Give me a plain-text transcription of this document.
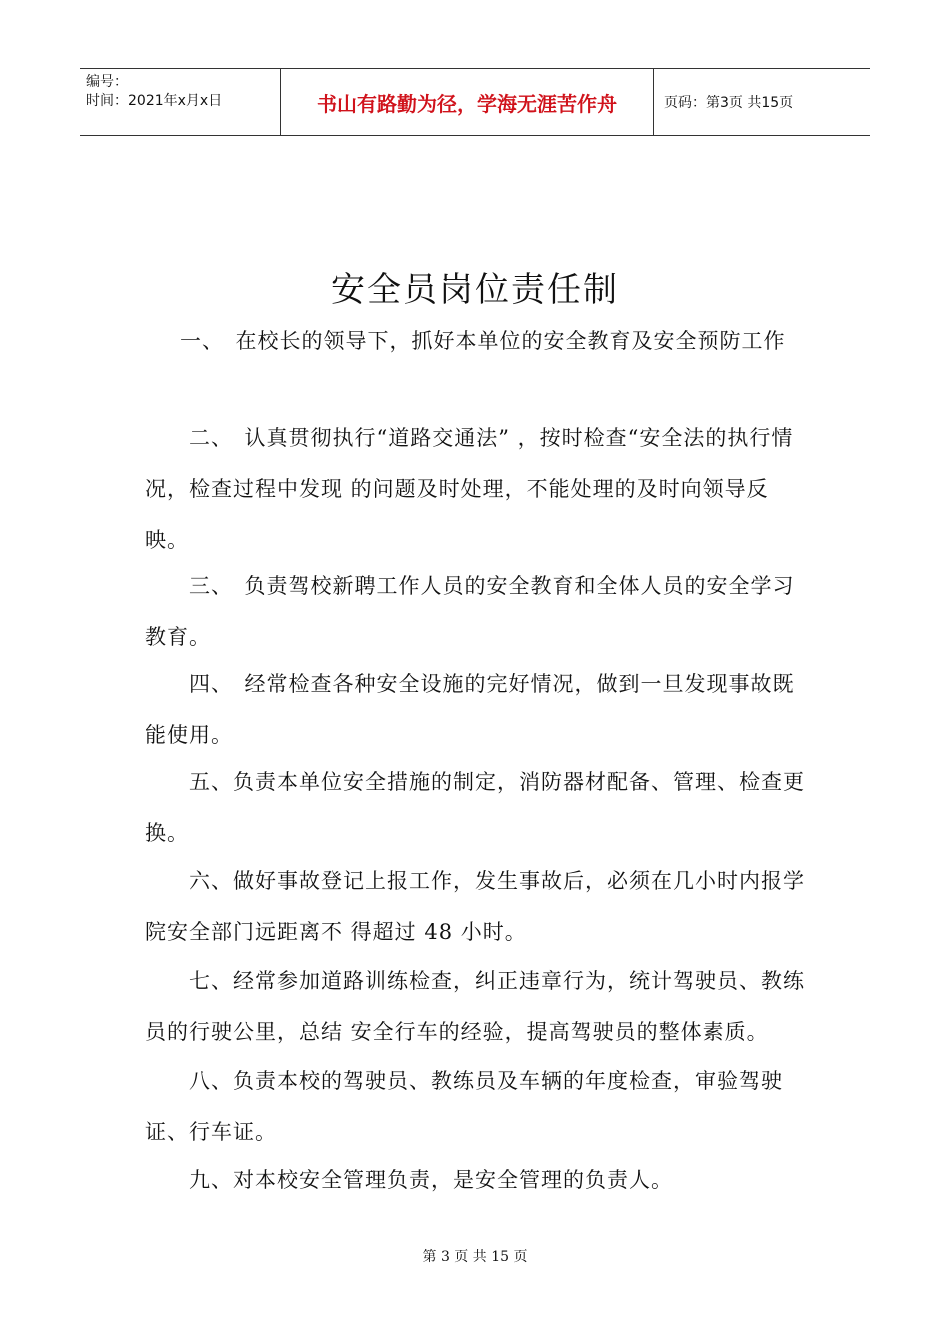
编号：
时间：2021年x月x日	书山有路勤为径，学海无涯苦作舟	页码：第3页 共15页
安全员岗位责任制
一、　在校长的领导下，抓好本单位的安全教育及安全预防工作
二、　认真贯彻执行“道路交通法” ，按时检查“安全法的执行情况，检查过程中发现 的问题及时处理，不能处理的及时向领导反映。
三、　负责驾校新聘工作人员的安全教育和全体人员的安全学习教育。
四、　经常检查各种安全设施的完好情况，做到一旦发现事故既能使用。
五、负责本单位安全措施的制定，消防器材配备、管理、检查更换。
六、做好事故登记上报工作，发生事故后，必须在几小时内报学院安全部门远距离不 得超过 48 小时。
七、经常参加道路训练检查，纠正违章行为，统计驾驶员、教练员的行驶公里，总结 安全行车的经验，提高驾驶员的整体素质。
八、负责本校的驾驶员、教练员及车辆的年度检查，审验驾驶证、行车证。
九、对本校安全管理负责，是安全管理的负责人。
第 3 页 共 15 页
